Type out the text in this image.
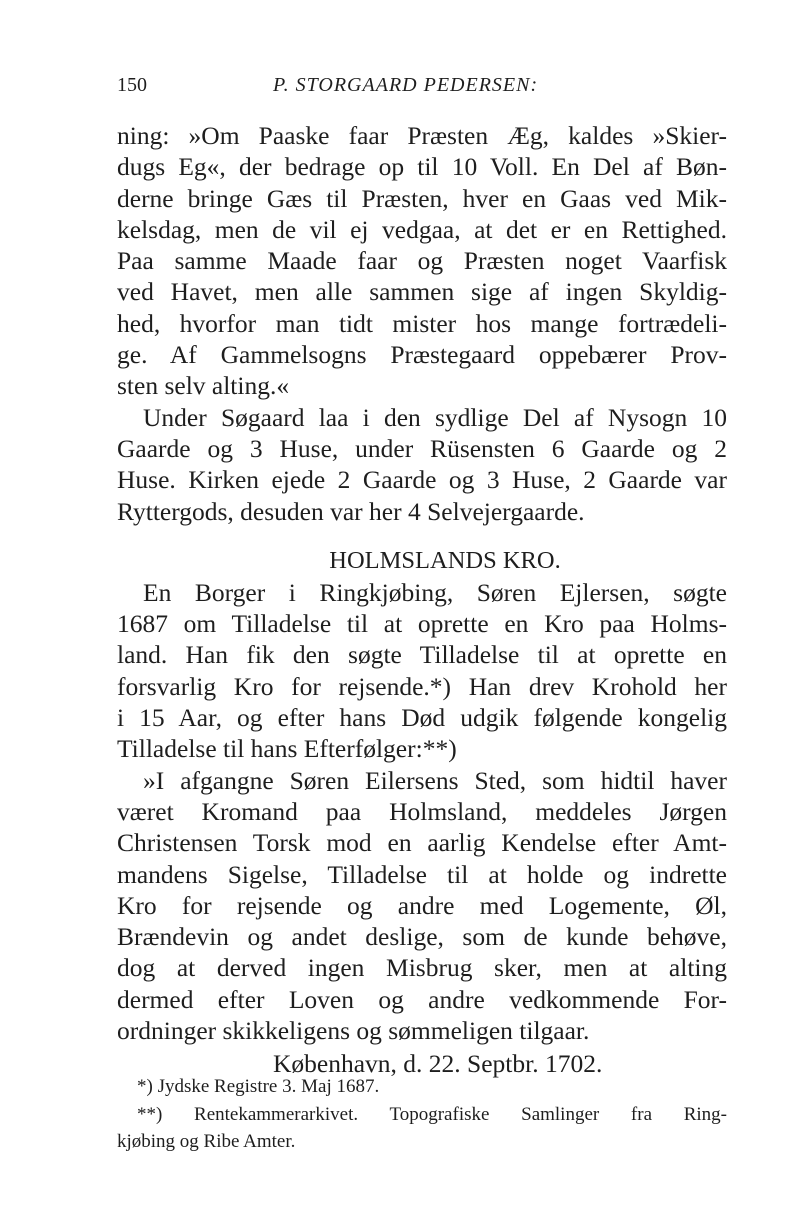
150	P. STORGAARD PEDERSEN:
ning: »Om Paaske faar Præsten Æg, kaldes »Skier-
dugs Eg«, der bedrage op til 10 Voll. En Del af Bøn-
derne bringe Gæs til Præsten, hver en Gaas ved Mik-
kelsdag, men de vil ej vedgaa, at det er en Rettighed.
Paa samme Maade faar og Præsten noget Vaarfisk
ved Havet, men alle sammen sige af ingen Skyldig-
hed, hvorfor man tidt mister hos mange fortrædeli-
ge. Af Gammelsogns Præstegaard oppebærer Prov-
sten selv alting.«
Under Søgaard laa i den sydlige Del af Nysogn 10
Gaarde og 3 Huse, under Rüsensten 6 Gaarde og 2
Huse. Kirken ejede 2 Gaarde og 3 Huse, 2 Gaarde var
Ryttergods, desuden var her 4 Selvejergaarde.
HOLMSLANDS KRO.
En Borger i Ringkjøbing, Søren Ejlersen, søgte
1687 om Tilladelse til at oprette en Kro paa Holms-
land. Han fik den søgte Tilladelse til at oprette en
forsvarlig Kro for rejsende.*) Han drev Krohold her
i 15 Aar, og efter hans Død udgik følgende kongelig
Tilladelse til hans Efterfølger:**)
»I afgangne Søren Eilersens Sted, som hidtil haver
været Kromand paa Holmsland, meddeles Jørgen
Christensen Torsk mod en aarlig Kendelse efter Amt-
mandens Sigelse, Tilladelse til at holde og indrette
Kro for rejsende og andre med Logemente, Øl,
Brændevin og andet deslige, som de kunde behøve,
dog at derved ingen Misbrug sker, men at alting
dermed efter Loven og andre vedkommende For-
ordninger skikkeligens og sømmeligen tilgaar.
København, d. 22. Septbr. 1702.
*) Jydske Registre 3. Maj 1687.
**) Rentekammerarkivet. Topografiske Samlinger fra Ring-
kjøbing og Ribe Amter.
